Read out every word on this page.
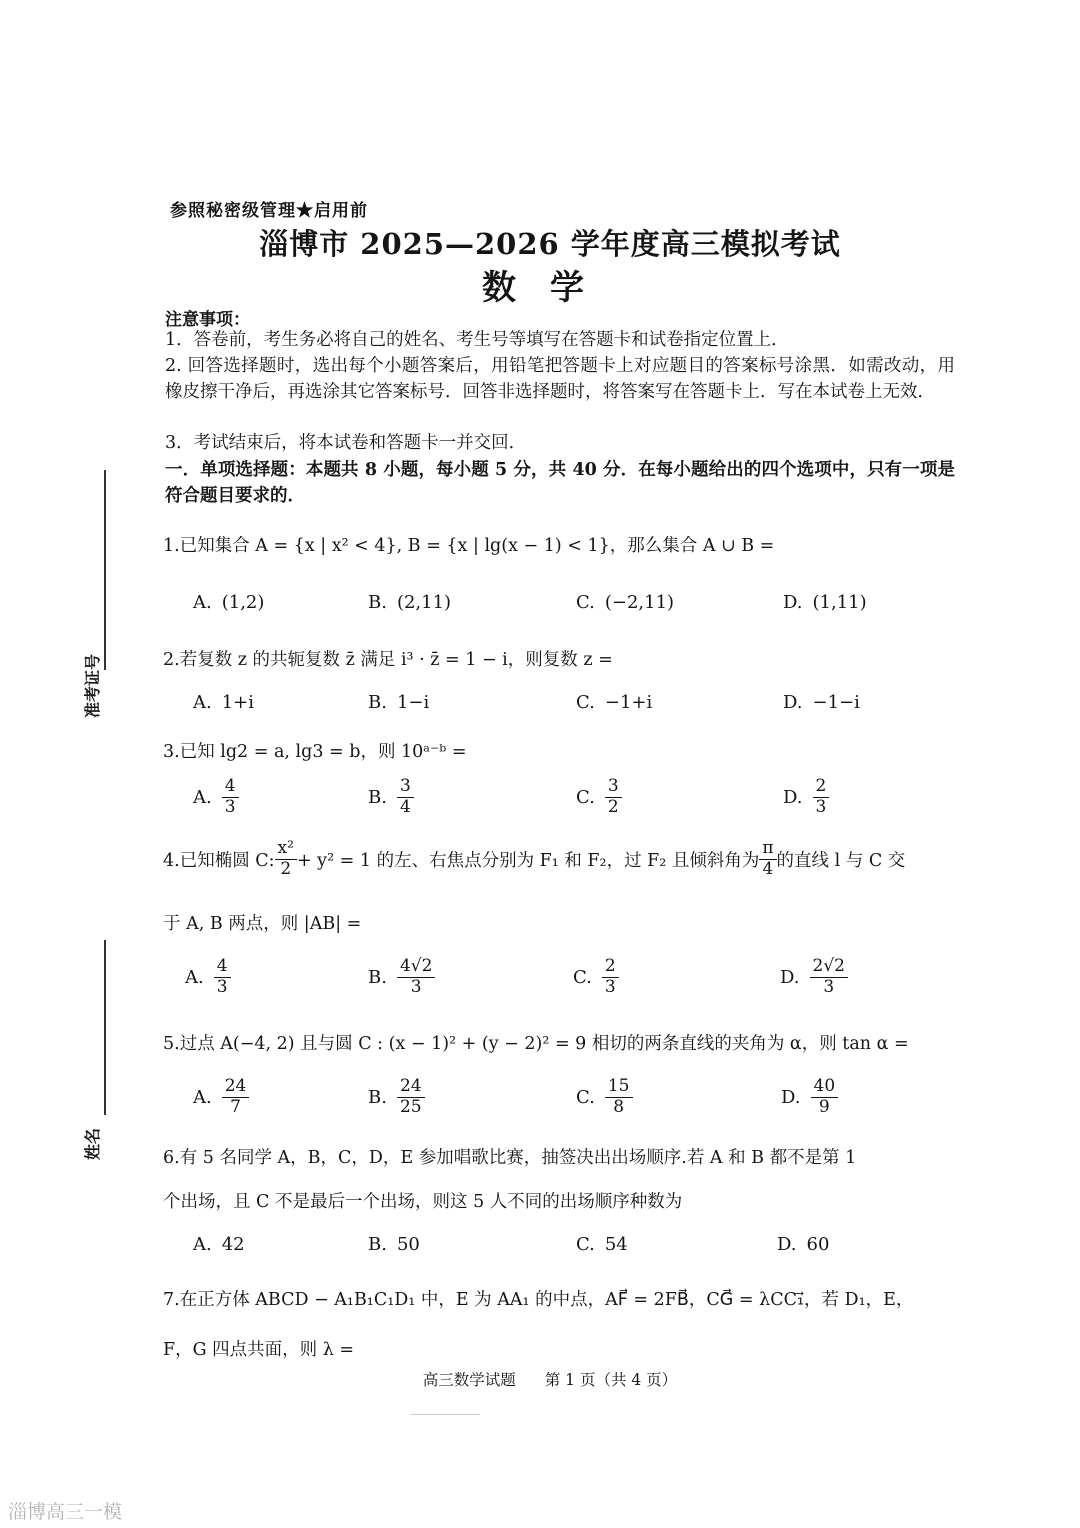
参照秘密级管理★启用前
淄博市 2025—2026 学年度高三模拟考试
数学
注意事项：
1．答卷前，考生务必将自己的姓名、考生号等填写在答题卡和试卷指定位置上．
2. 回答选择题时，选出每个小题答案后，用铅笔把答题卡上对应题目的答案标号涂黑．如需改动，用橡皮擦干净后，再选涂其它答案标号．回答非选择题时，将答案写在答题卡上．写在本试卷上无效．
3．考试结束后，将本试卷和答题卡一并交回．
一．单项选择题：本题共 8 小题，每小题 5 分，共 40 分．在每小题给出的四个选项中，只有一项是符合题目要求的．
1.已知集合 A = {x | x² < 4}, B = {x | lg(x − 1) < 1}，那么集合 A ∪ B =
A. (1,2)	B. (2,11)	C. (−2,11)	D. (1,11)
2.若复数 z 的共轭复数 z̄ 满足 i³ · z̄ = 1 − i，则复数 z =
A. 1+i	B. 1−i	C. −1+i	D. −1−i
3.已知 lg2 = a, lg3 = b，则 10ᵃ⁻ᵇ =
A. $\frac{4}{3}$	B. $\frac{3}{4}$	C. $\frac{3}{2}$	D. $\frac{2}{3}$
4.已知椭圆 C: $\frac{\text{x²}}{2} + y^2 = 1$ 的左、右焦点分别为 F₁ 和 F₂，过 F₂ 且倾斜角为 $\frac{\pi}{4}$ 的直线 l 与 C 交
于 A, B 两点，则 |AB| =
A. $\frac{4}{3}$	B. $\frac{4√2}{3}$	C. $\frac{2}{3}$	D. $\frac{2√2}{3}$
5.过点 A(−4, 2) 且与圆 C : (x − 1)² + (y − 2)² = 9 相切的两条直线的夹角为 α，则 tan α =
A. $\frac{24}{7}$	B. $\frac{24}{25}$	C. $\frac{15}{8}$	D. $\frac{40}{9}$
6.有 5 名同学 A，B，C，D，E 参加唱歌比赛，抽签决出出场顺序.若 A 和 B 都不是第 1
个出场，且 C 不是最后一个出场，则这 5 人不同的出场顺序种数为
A. 42	B. 50	C. 54	D. 60
7.在正方体 ABCD − A₁B₁C₁D₁ 中，E 为 AA₁ 的中点，AF⃗ = 2FB⃗，CG⃗ = λCC₁⃗，若 D₁，E，
F，G 四点共面，则 λ =
准考证号
姓名
高三数学试题 第 1 页（共 4 页）
淄博高三一模
